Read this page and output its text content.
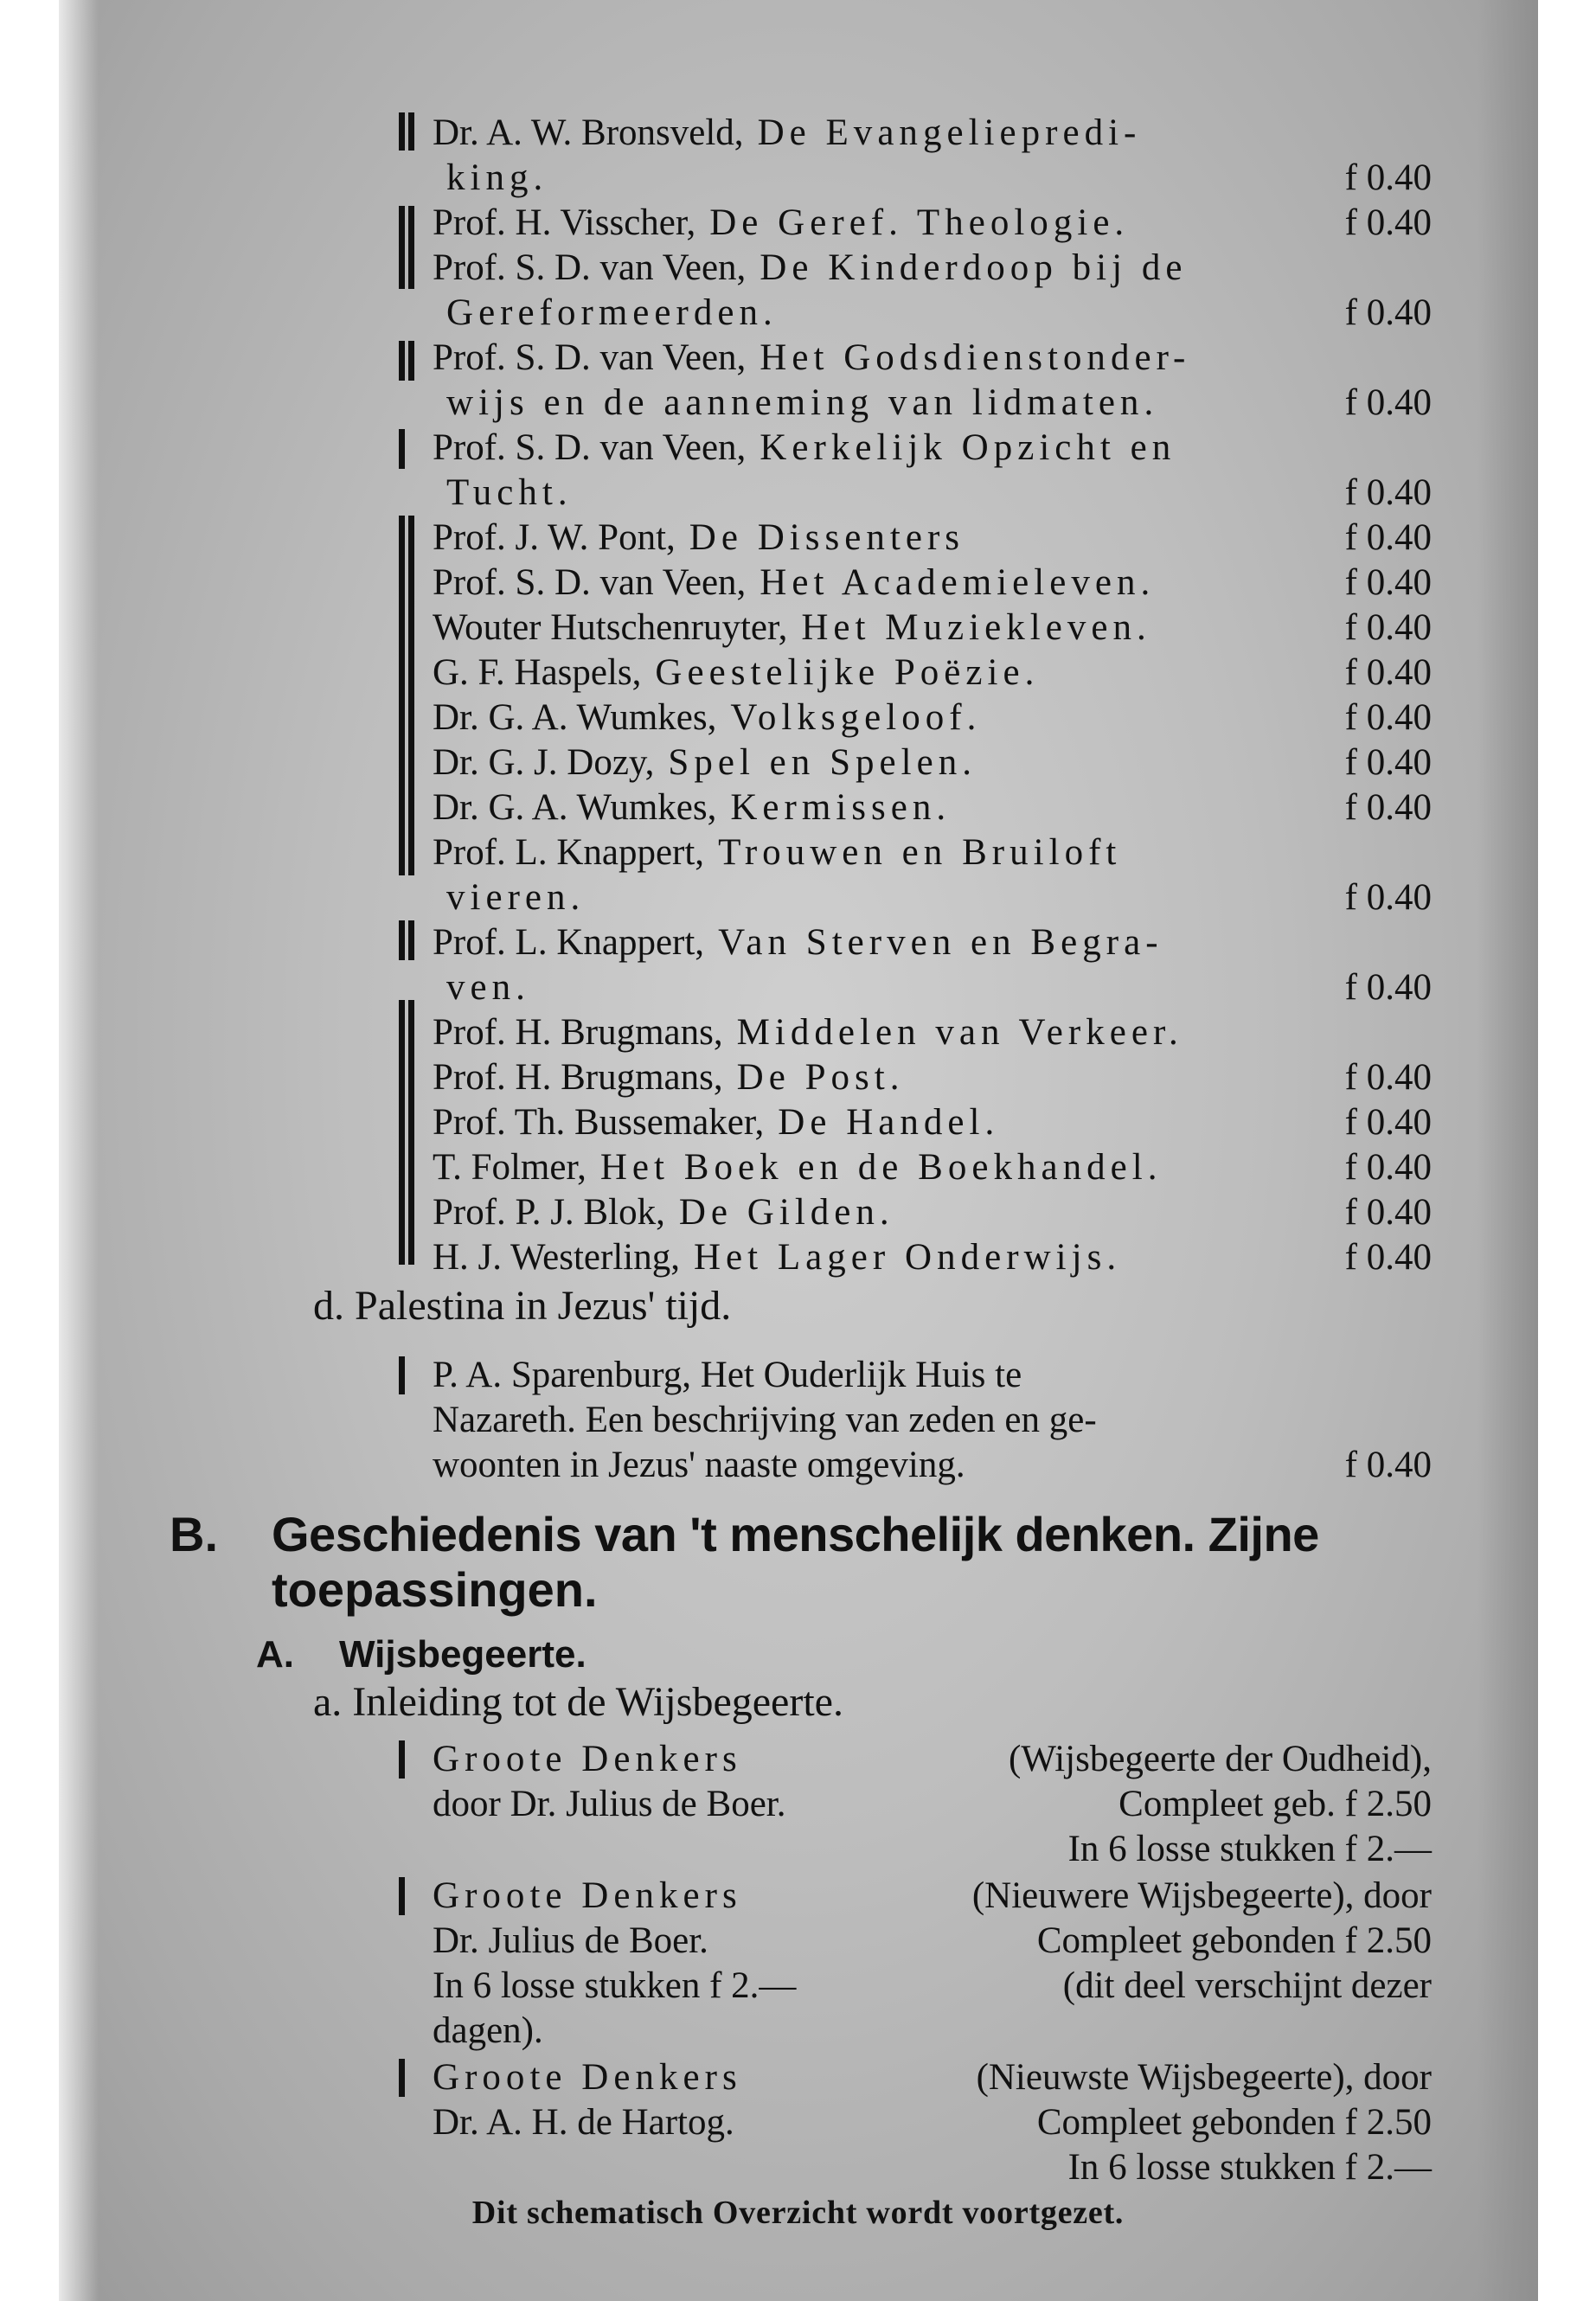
Dr. A. W. Bronsveld, De Evangeliepredi-
king.	f 0.40
Prof. H. Visscher, De Geref. Theologie.	f 0.40
Prof. S. D. van Veen, De Kinderdoop bij de
Gereformeerden.	f 0.40
Prof. S. D. van Veen, Het Godsdienstonder-
wijs en de aanneming van lidmaten.	f 0.40
Prof. S. D. van Veen, Kerkelijk Opzicht en
Tucht.	f 0.40
Prof. J. W. Pont, De Dissenters	f 0.40
Prof. S. D. van Veen, Het Academieleven.	f 0.40
Wouter Hutschenruyter, Het Muziekleven.	f 0.40
G. F. Haspels, Geestelijke Poëzie.	f 0.40
Dr. G. A. Wumkes, Volksgeloof.	f 0.40
Dr. G. J. Dozy, Spel en Spelen.	f 0.40
Dr. G. A. Wumkes, Kermissen.	f 0.40
Prof. L. Knappert, Trouwen en Bruiloft
vieren.	f 0.40
Prof. L. Knappert, Van Sterven en Begra-
ven.	f 0.40
Prof. H. Brugmans, Middelen van Verkeer.
Prof. H. Brugmans, De Post.	f 0.40
Prof. Th. Bussemaker, De Handel.	f 0.40
T. Folmer, Het Boek en de Boekhandel.	f 0.40
Prof. P. J. Blok, De Gilden.	f 0.40
H. J. Westerling, Het Lager Onderwijs.	f 0.40
d. Palestina in Jezus' tijd.
P. A. Sparenburg, Het Ouderlijk Huis te
Nazareth. Een beschrijving van zeden en ge-
woonten in Jezus' naaste omgeving.	f 0.40
B. Geschiedenis van 't menschelijk denken. Zijne
toepassingen.
A. Wijsbegeerte.
a. Inleiding tot de Wijsbegeerte.
Groote Denkers	(Wijsbegeerte der Oudheid),
door Dr. Julius de Boer.	Compleet geb. f 2.50
In 6 losse stukken f 2.—
Groote Denkers	(Nieuwere Wijsbegeerte), door
Dr. Julius de Boer.	Compleet gebonden f 2.50
In 6 losse stukken f 2.—	(dit deel verschijnt dezer
dagen).
Groote Denkers	(Nieuwste Wijsbegeerte), door
Dr. A. H. de Hartog.	Compleet gebonden f 2.50
In 6 losse stukken f 2.—
Dit schematisch Overzicht wordt voortgezet.
